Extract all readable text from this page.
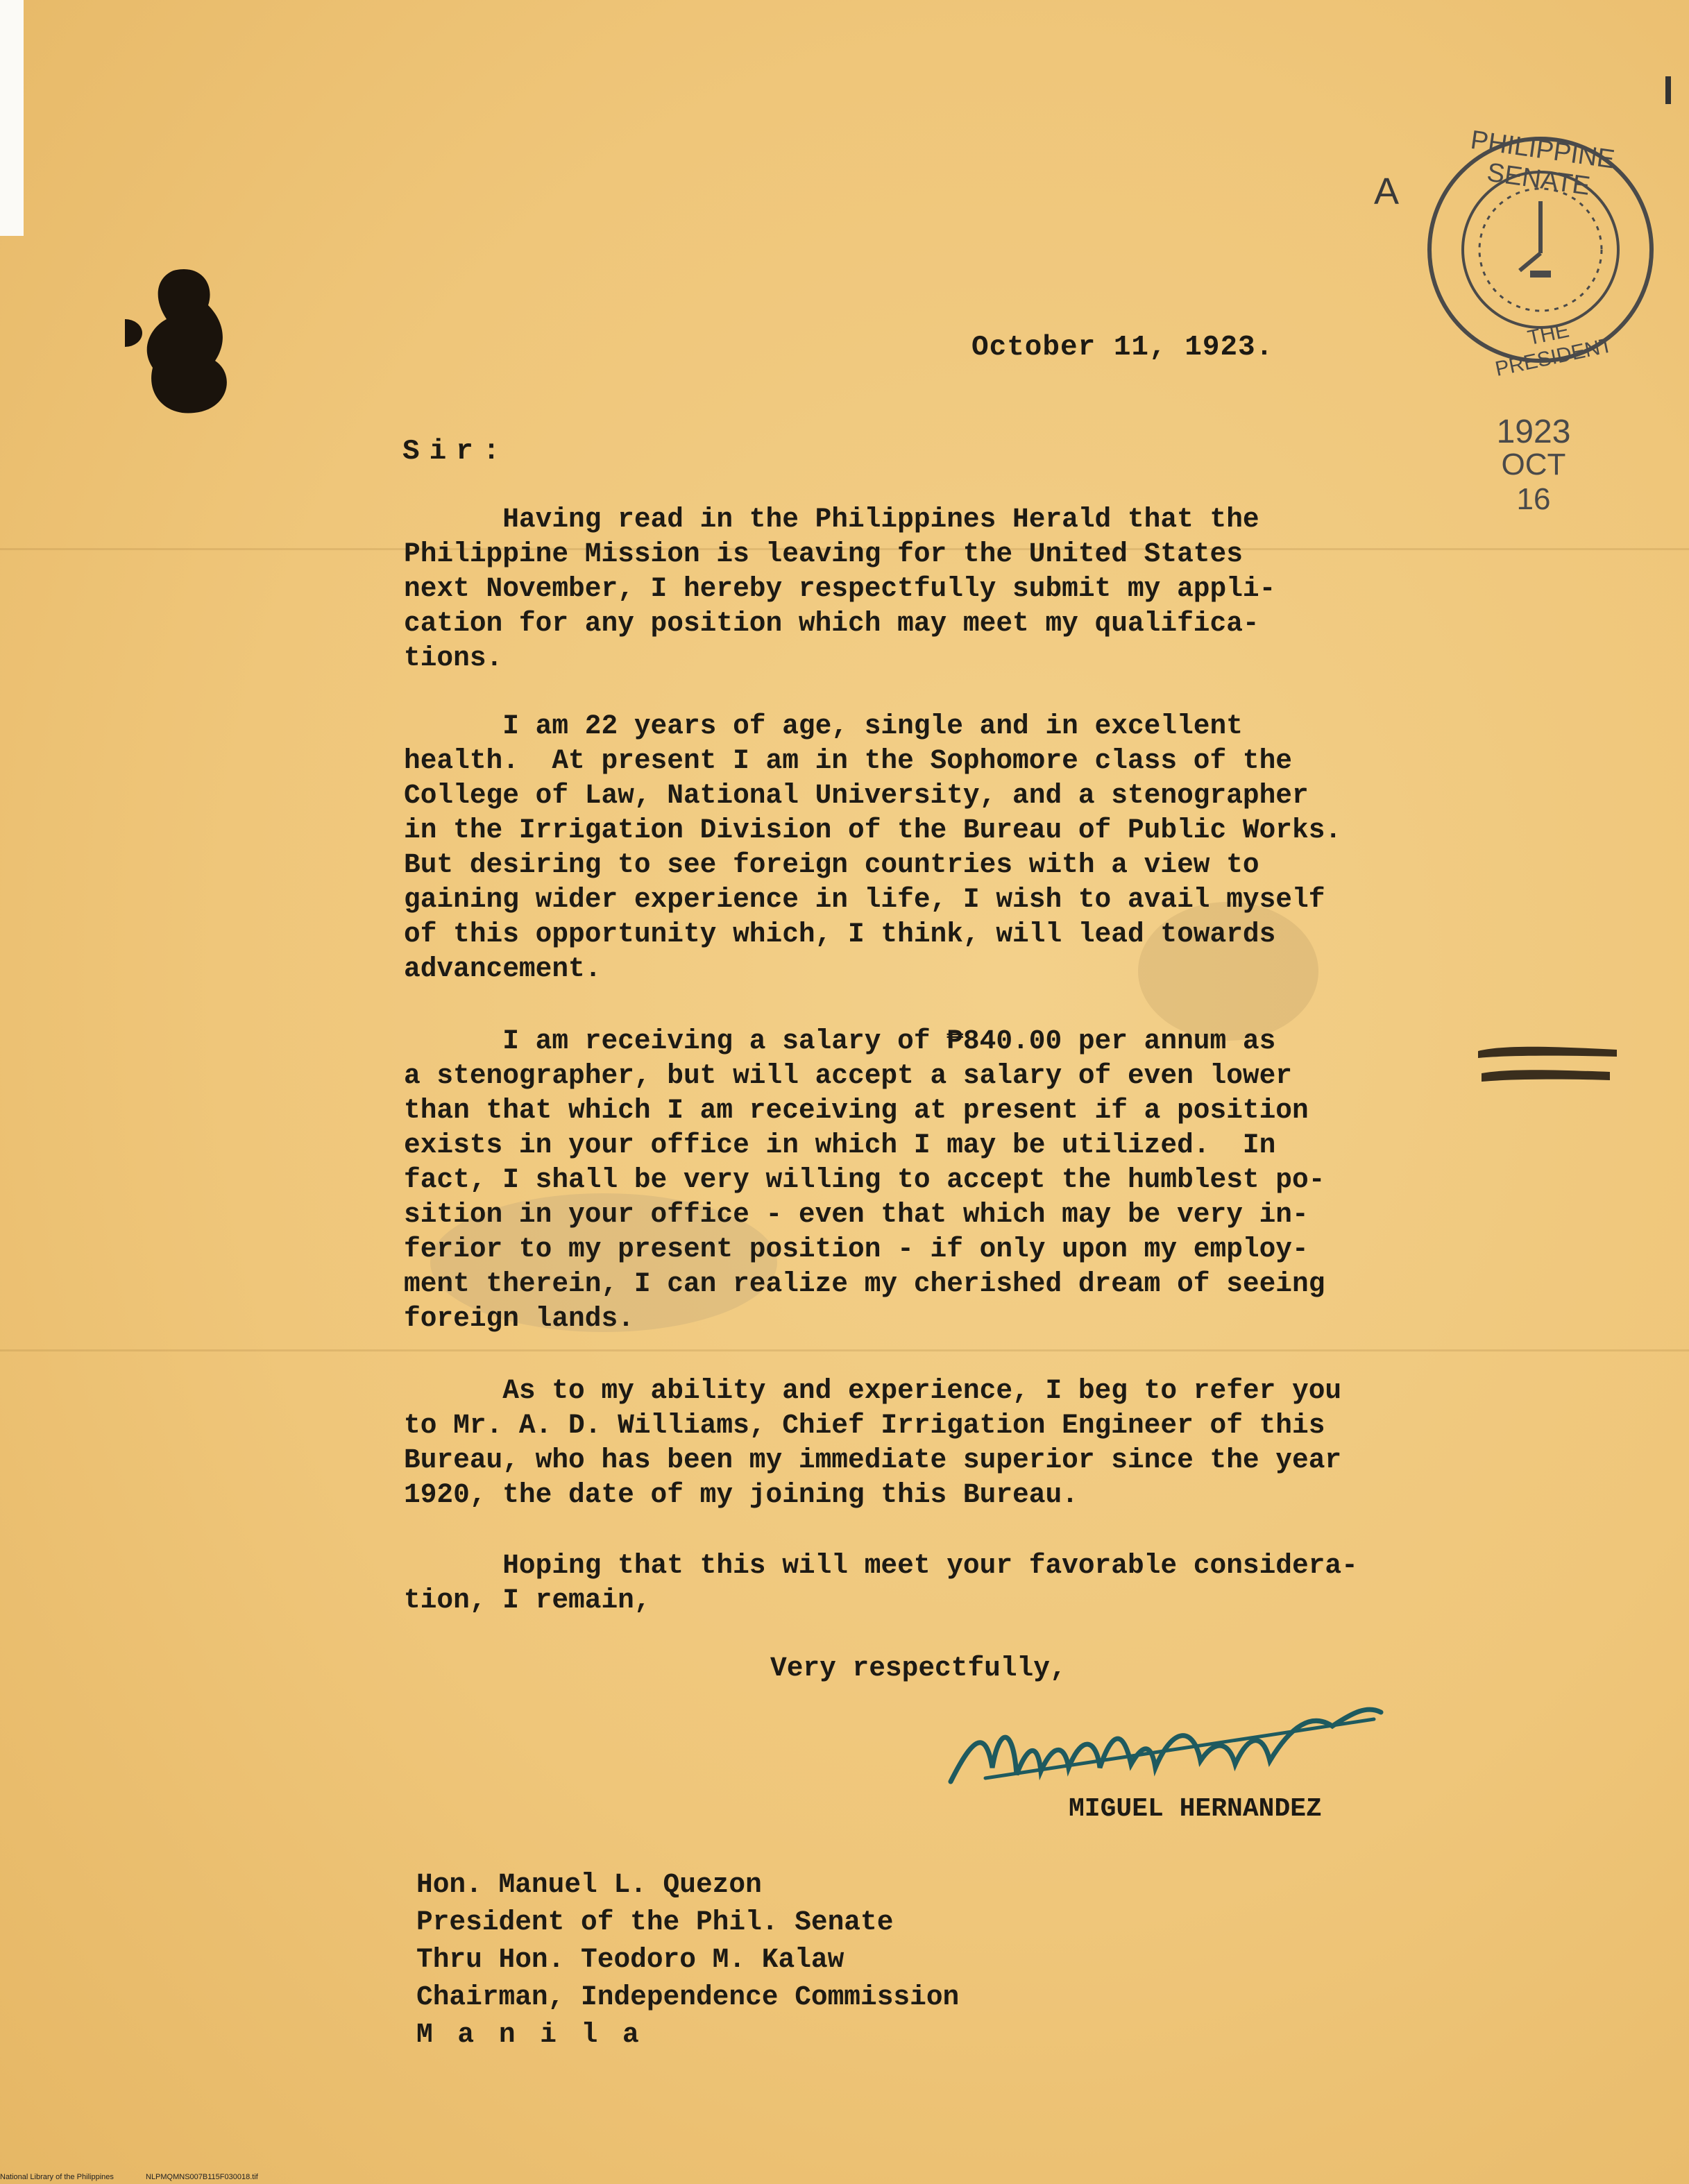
A
PHILIPPINE SENATE
THE PRESIDENT
1923
OCT
16
October 11, 1923.
Sir:

Having read in the Philippines Herald that the
Philippine Mission is leaving for the United States
next November, I hereby respectfully submit my appli-
cation for any position which may meet my qualifica-
tions.

I am 22 years of age, single and in excellent
health.  At present I am in the Sophomore class of the
College of Law, National University, and a stenographer
in the Irrigation Division of the Bureau of Public Works.
But desiring to see foreign countries with a view to
gaining wider experience in life, I wish to avail myself
of this opportunity which, I think, will lead towards
advancement.

I am receiving a salary of ₱840.00 per annum as
a stenographer, but will accept a salary of even lower
than that which I am receiving at present if a position
exists in your office in which I may be utilized.  In
fact, I shall be very willing to accept the humblest po-
sition in your office - even that which may be very in-
ferior to my present position - if only upon my employ-
ment therein, I can realize my cherished dream of seeing
foreign lands.

As to my ability and experience, I beg to refer you
to Mr. A. D. Williams, Chief Irrigation Engineer of this
Bureau, who has been my immediate superior since the year
1920, the date of my joining this Bureau.

Hoping that this will meet your favorable considera-
tion, I remain,

Very respectfully,
MIGUEL HERNANDEZ

Hon. Manuel L. Quezon

President of the Phil. Senate

Thru Hon. Teodoro M. Kalaw

Chairman, Independence Commission

M a n i l a

National Library of the Philippines	NLPMQMNS007B115F030018.tif
